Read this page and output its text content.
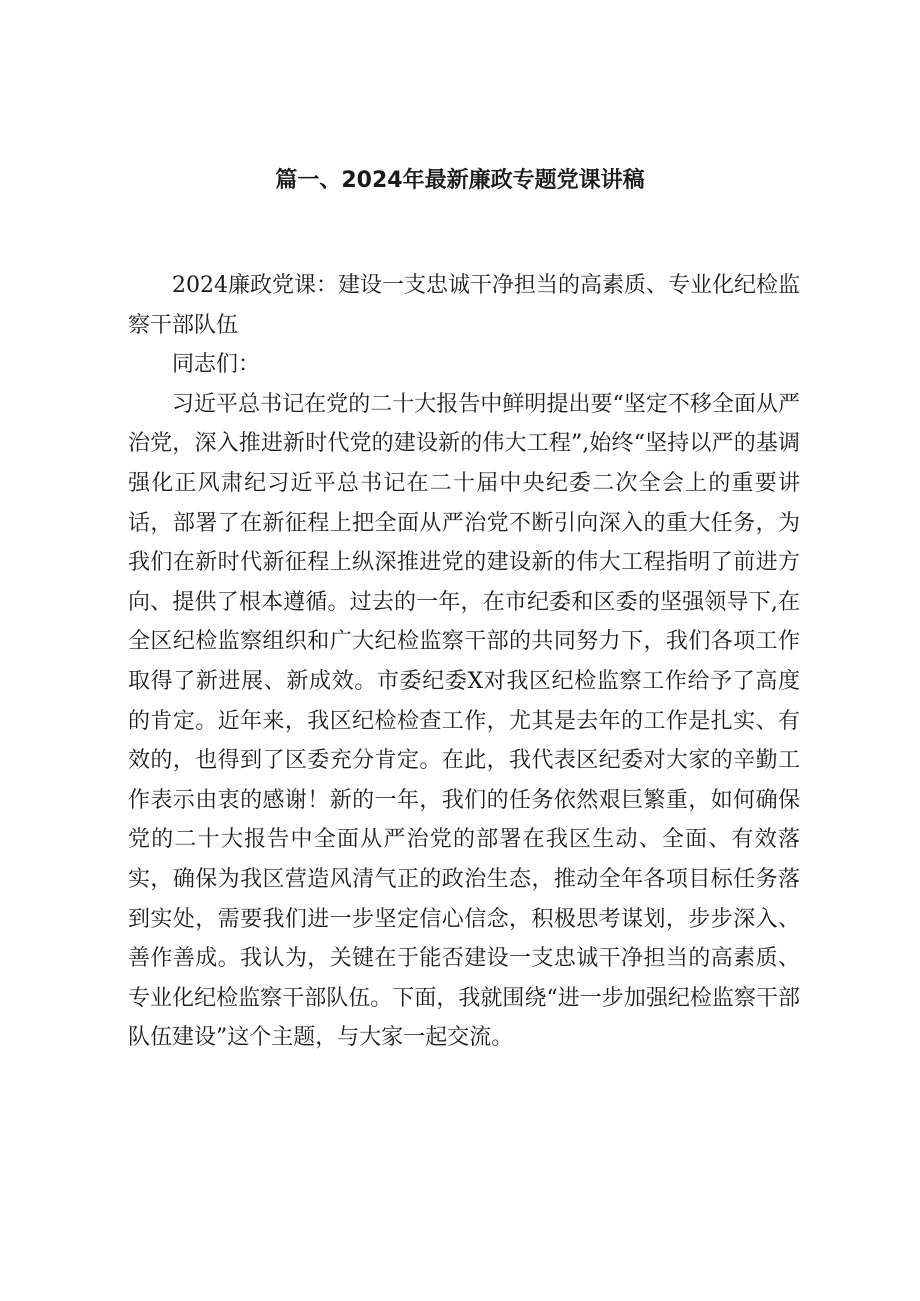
篇一、2024年最新廉政专题党课讲稿

2024廉政党课：建设一支忠诚干净担当的高素质、专业化纪检监察干部队伍

同志们：

习近平总书记在党的二十大报告中鲜明提出要“坚定不移全面从严治党，深入推进新时代党的建设新的伟大工程”,始终“坚持以严的基调强化正风肃纪习近平总书记在二十届中央纪委二次全会上的重要讲话，部署了在新征程上把全面从严治党不断引向深入的重大任务，为我们在新时代新征程上纵深推进党的建设新的伟大工程指明了前进方向、提供了根本遵循。过去的一年，在市纪委和区委的坚强领导下,在全区纪检监察组织和广大纪检监察干部的共同努力下，我们各项工作取得了新进展、新成效。市委纪委X对我区纪检监察工作给予了高度的肯定。近年来，我区纪检检查工作，尤其是去年的工作是扎实、有效的，也得到了区委充分肯定。在此，我代表区纪委对大家的辛勤工作表示由衷的感谢！新的一年，我们的任务依然艰巨繁重，如何确保党的二十大报告中全面从严治党的部署在我区生动、全面、有效落实，确保为我区营造风清气正的政治生态，推动全年各项目标任务落到实处，需要我们进一步坚定信心信念，积极思考谋划，步步深入、善作善成。我认为，关键在于能否建设一支忠诚干净担当的高素质、专业化纪检监察干部队伍。下面，我就围绕“进一步加强纪检监察干部队伍建设”这个主题，与大家一起交流。
